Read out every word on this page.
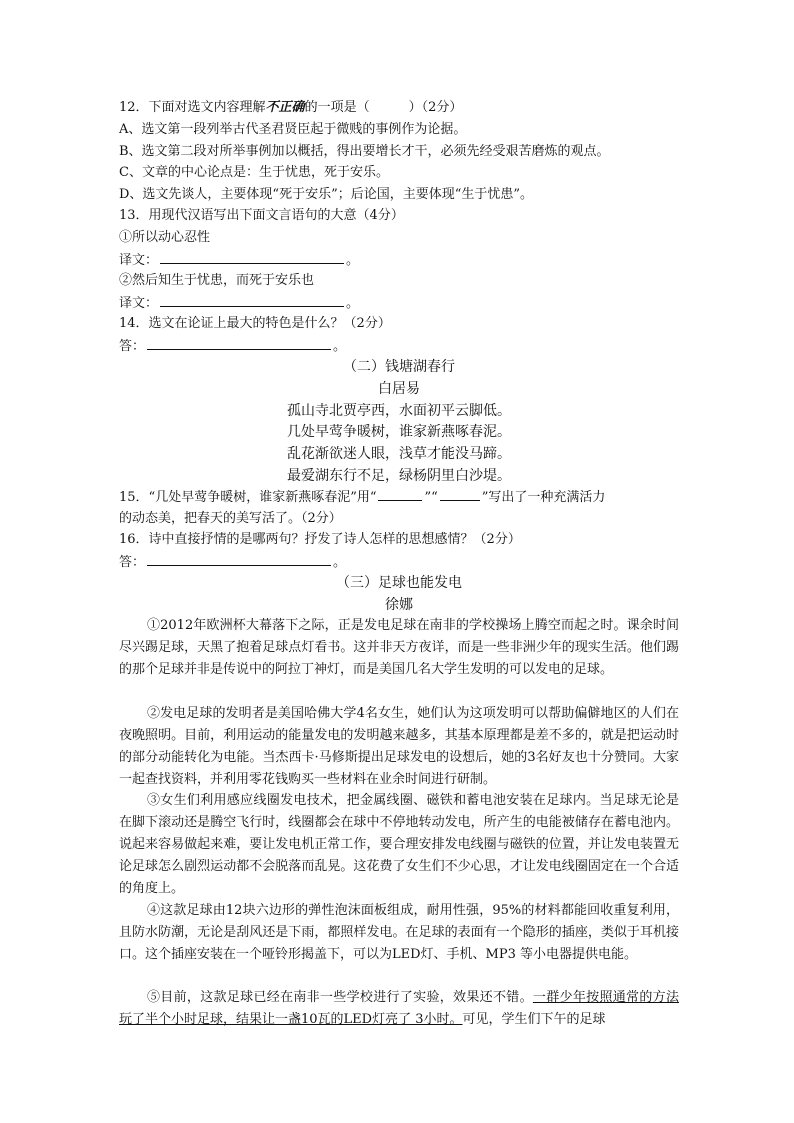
12．下面对选文内容理解不正确的一项是（　　　）（2分）
A、选文第一段列举古代圣君贤臣起于微贱的事例作为论据。
B、选文第二段对所举事例加以概括，得出要增长才干，必须先经受艰苦磨炼的观点。
C、文章的中心论点是：生于忧患，死于安乐。
D、选文先谈人，主要体现“死于安乐”；后论国，主要体现“生于忧患”。
13．用现代汉语写出下面文言语句的大意（4分）
①所以动心忍性
译文：	。
②然后知生于忧患，而死于安乐也
译文：	。
14．选文在论证上最大的特色是什么？（2分）
答：	。
（二）钱塘湖春行
白居易
孤山寺北贾亭西，水面初平云脚低。
几处早莺争暖树，谁家新燕啄春泥。
乱花渐欲迷人眼，浅草才能没马蹄。
最爱湖东行不足，绿杨阴里白沙堤。
15．“几处早莺争暖树，谁家新燕啄春泥”用“	”“	”写出了一种充满活力
的动态美，把春天的美写活了。（2分）
16．诗中直接抒情的是哪两句？抒发了诗人怎样的思想感情？（2分）
答：	。
（三）足球也能发电
徐娜
①2012年欧洲杯大幕落下之际，正是发电足球在南非的学校操场上腾空而起之时。课余时间尽兴踢足球，天黑了抱着足球点灯看书。这并非天方夜详，而是一些非洲少年的现实生活。他们踢的那个足球并非是传说中的阿拉丁神灯，而是美国几名大学生发明的可以发电的足球。
②发电足球的发明者是美国哈佛大学4名女生，她们认为这项发明可以帮助偏僻地区的人们在夜晚照明。目前，利用运动的能量发电的发明越来越多，其基本原理都是差不多的，就是把运动时的部分动能转化为电能。当杰西卡·马修斯提出足球发电的设想后，她的3名好友也十分赞同。大家一起查找资料，并利用零花钱购买一些材料在业余时间进行研制。
③女生们利用感应线圈发电技术，把金属线圈、磁铁和蓄电池安装在足球内。当足球无论是在脚下滚动还是腾空飞行时，线圈都会在球中不停地转动发电，所产生的电能被储存在蓄电池内。说起来容易做起来难，要让发电机正常工作，要合理安排发电线圈与磁铁的位置，并让发电装置无论足球怎么剧烈运动都不会脱落而乱晃。这花费了女生们不少心思，才让发电线圈固定在一个合适的角度上。
④这款足球由12块六边形的弹性泡沫面板组成，耐用性强，95%的材料都能回收重复利用，且防水防潮，无论是刮风还是下雨，都照样发电。在足球的表面有一个隐形的插座，类似于耳机接口。这个插座安装在一个哑铃形揭盖下，可以为LED灯、手机、MP3 等小电器提供电能。
⑤目前，这款足球已经在南非一些学校进行了实验，效果还不错。一群少年按照通常的方法玩了半个小时足球，结果让一盏10瓦的LED灯亮了 3小时。可见，学生们下午的足球
